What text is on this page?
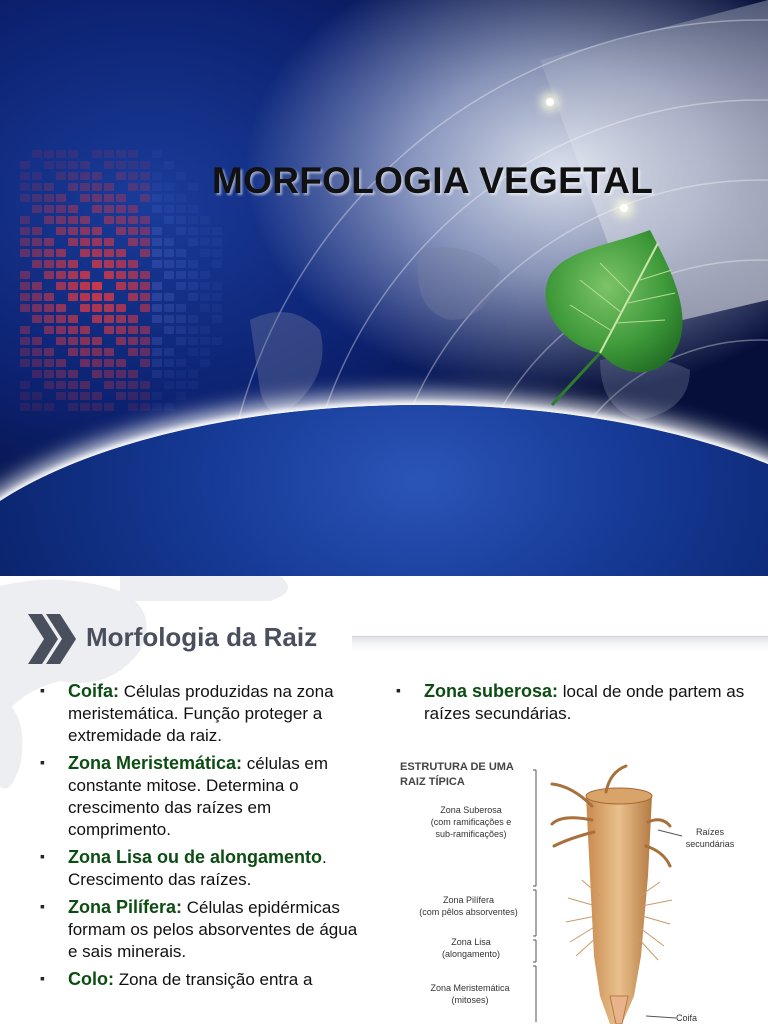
MORFOLOGIA VEGETAL
Morfologia da Raiz
▪ Coifa: Células produzidas na zona meristemática. Função proteger a extremidade da raiz.
▪ Zona Meristemática: células em constante mitose. Determina o crescimento das raízes em comprimento.
▪ Zona Lisa ou de alongamento. Crescimento das raízes.
▪ Zona Pilífera: Células epidérmicas formam os pelos absorventes de água e sais minerais.
▪ Colo: Zona de transição entra a
▪ Zona suberosa: local de onde partem as raízes secundárias.
ESTRUTURA DE UMA
RAIZ TÍPICA
Zona Suberosa
(com ramificações e
sub-ramificações)
Zona Pilífera
(com pêlos absorventes)
Zona Lisa
(alongamento)
Zona Meristemática
(mitoses)
Raízes
secundárias
Coifa
